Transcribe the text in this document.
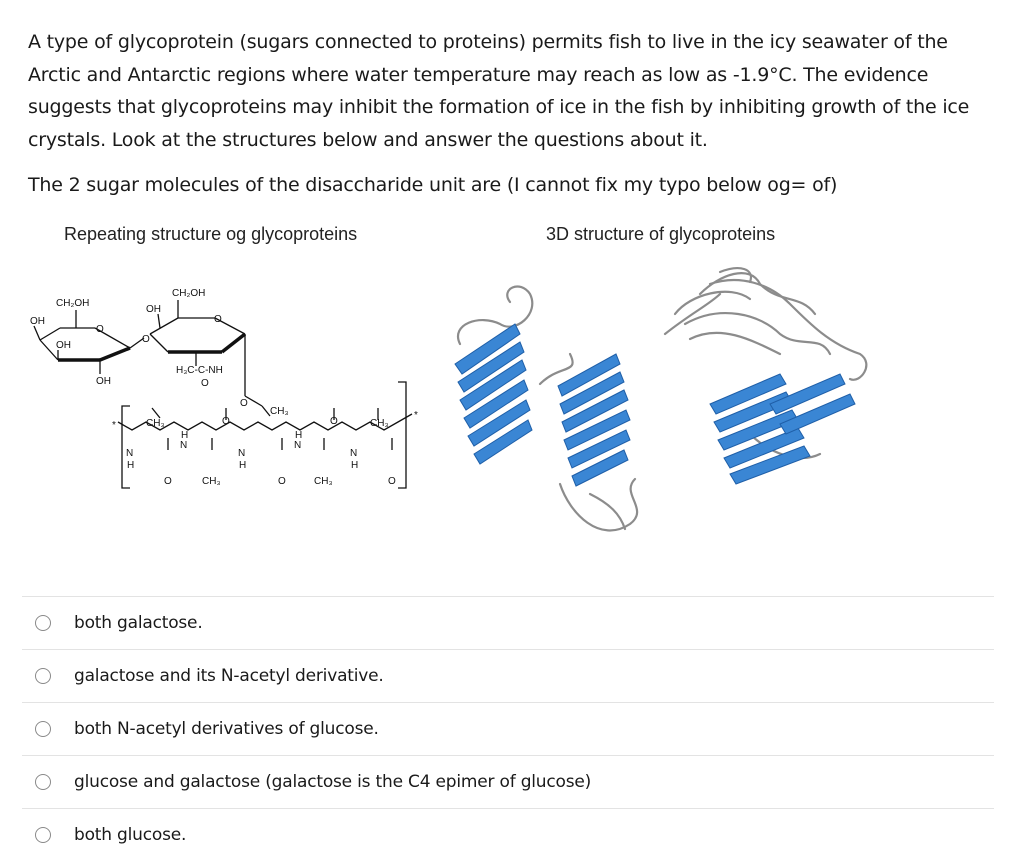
A type of glycoprotein (sugars connected to proteins) permits fish to live in the icy seawater of the

Arctic and Antarctic regions where water temperature may reach as low as -1.9°C. The evidence

suggests that glycoproteins may inhibit the formation of ice in the fish by inhibiting growth of the ice

crystals. Look at the structures below and answer the questions about it.

The 2 sugar molecules of the disaccharide unit are (I cannot fix my typo below og= of)
Repeating structure og glycoproteins	3D structure of glycoproteins
CH₂OH
CH₂OH
OH
OH
OH
OH
O
O
O
H₃C-C-NH
O
O
CH₃
CH₃
CH₃	CH₃
CH₃
O	O
O	O	O
N
N
N
N
N
H
H
H
H
H
*
*
both galactose.
galactose and its N-acetyl derivative.
both N-acetyl derivatives of glucose.
glucose and galactose (galactose is the C4 epimer of glucose)
both glucose.
